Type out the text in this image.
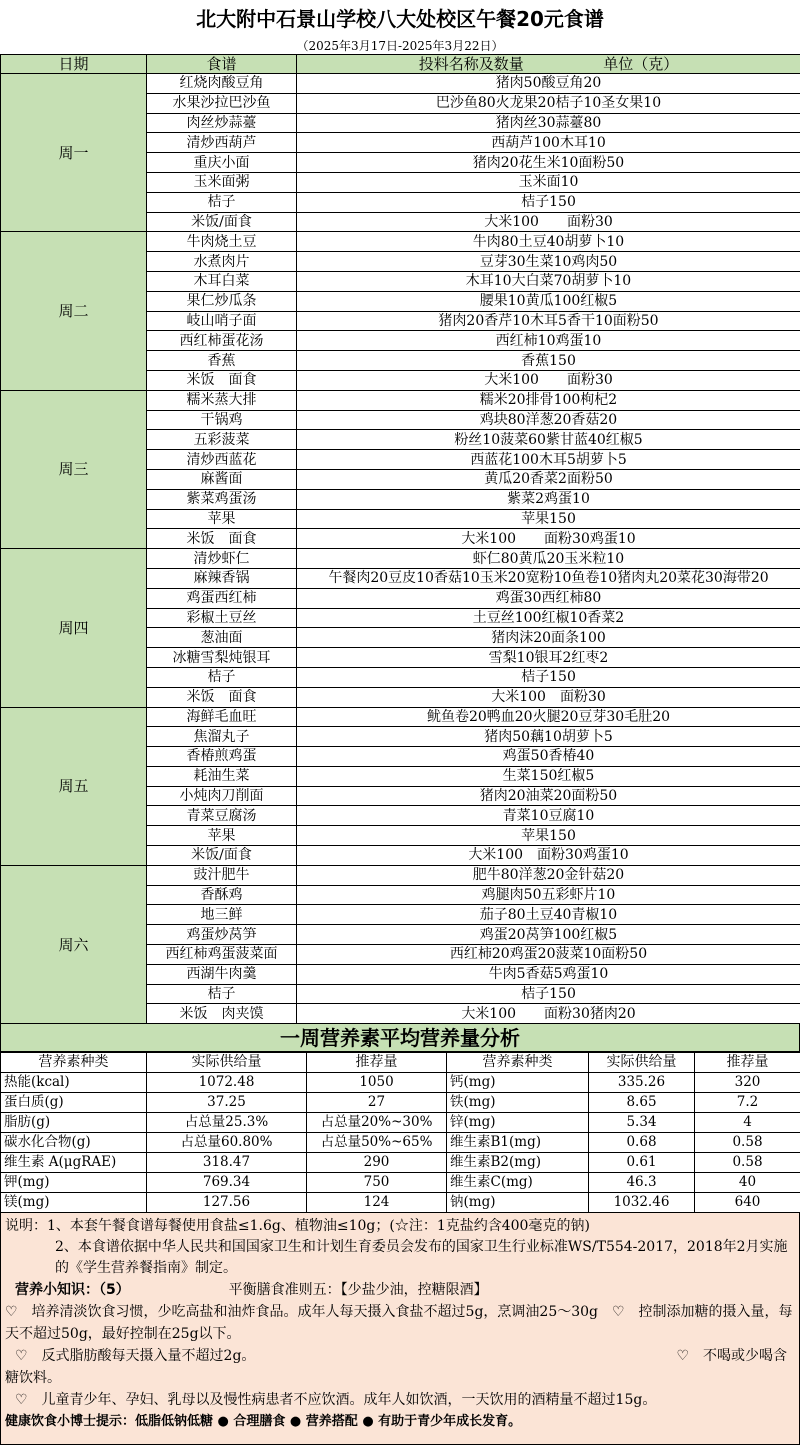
北大附中石景山学校八大处校区午餐20元食谱
（2025年3月17日-2025年3月22日）
日期	食谱	投料名称及数量 单位（克）
周一	红烧肉酸豆角	猪肉50酸豆角20
	水果沙拉巴沙鱼	巴沙鱼80火龙果20桔子10圣女果10
	肉丝炒蒜薹	猪肉丝30蒜薹80
	清炒西葫芦	西葫芦100木耳10
	重庆小面	猪肉20花生米10面粉50
	玉米面粥	玉米面10
	桔子	桔子150
	米饭/面食	大米100　　面粉30
周二	牛肉烧土豆	牛肉80土豆40胡萝卜10
	水煮肉片	豆芽30生菜10鸡肉50
	木耳白菜	木耳10大白菜70胡萝卜10
	果仁炒瓜条	腰果10黄瓜100红椒5
	岐山哨子面	猪肉20香芹10木耳5香干10面粉50
	西红柿蛋花汤	西红柿10鸡蛋10
	香蕉	香蕉150
	米饭　面食	大米100　　面粉30
周三	糯米蒸大排	糯米20排骨100枸杞2
	干锅鸡	鸡块80洋葱20香菇20
	五彩菠菜	粉丝10菠菜60紫甘蓝40红椒5
	清炒西蓝花	西蓝花100木耳5胡萝卜5
	麻酱面	黄瓜20香菜2面粉50
	紫菜鸡蛋汤	紫菜2鸡蛋10
	苹果	苹果150
	米饭　面食	大米100　　面粉30鸡蛋10
周四	清炒虾仁	虾仁80黄瓜20玉米粒10
	麻辣香锅	午餐肉20豆皮10香菇10玉米20宽粉10鱼卷10猪肉丸20菜花30海带20
	鸡蛋西红柿	鸡蛋30西红柿80
	彩椒土豆丝	土豆丝100红椒10香菜2
	葱油面	猪肉沫20面条100
	冰糖雪梨炖银耳	雪梨10银耳2红枣2
	桔子	桔子150
	米饭　面食	大米100　面粉30
周五	海鲜毛血旺	鱿鱼卷20鸭血20火腿20豆芽30毛肚20
	焦溜丸子	猪肉50藕10胡萝卜5
	香椿煎鸡蛋	鸡蛋50香椿40
	耗油生菜	生菜150红椒5
	小炖肉刀削面	猪肉20油菜20面粉50
	青菜豆腐汤	青菜10豆腐10
	苹果	苹果150
	米饭/面食	大米100　面粉30鸡蛋10
周六	豉汁肥牛	肥牛80洋葱20金针菇20
	香酥鸡	鸡腿肉50五彩虾片10
	地三鲜	茄子80土豆40青椒10
	鸡蛋炒莴笋	鸡蛋20莴笋100红椒5
	西红柿鸡蛋菠菜面	西红柿20鸡蛋20菠菜10面粉50
	西湖牛肉羹	牛肉5香菇5鸡蛋10
	桔子	桔子150
	米饭　肉夹馍	大米100　　面粉30猪肉20
一周营养素平均营养量分析
营养素种类	实际供给量	推荐量	营养素种类	实际供给量	推荐量
热能(kcal)	1072.48	1050	钙(mg)	335.26	320
蛋白质(g)	37.25	27	铁(mg)	8.65	7.2
脂肪(g)	占总量25.3%	占总量20%~30%	锌(mg)	5.34	4
碳水化合物(g)	占总量60.80%	占总量50%~65%	维生素B1(mg)	0.68	0.58
维生素 A(μgRAE)	318.47	290	维生素B2(mg)	0.61	0.58
钾(mg)	769.34	750	维生素C(mg)	46.3	40
镁(mg)	127.56	124	钠(mg)	1032.46	640

说明：1、本套午餐食谱每餐使用食盐≤1.6g、植物油≤10g；(☆注：1克盐约含400毫克的钠)

2、本食谱依据中华人民共和国国家卫生和计划生育委员会发布的国家卫生行业标准WS/T554-2017，2018年2月实施的《学生营养餐指南》制定。

营养小知识：（5）	平衡膳食准则五：【少盐少油，控糖限酒】

♡　培养清淡饮食习惯，少吃高盐和油炸食品。成年人每天摄入食盐不超过5g，烹调油25～30g　♡　控制添加糖的摄入量，每天不超过50g，最好控制在25g以下。

♡　反式脂肪酸每天摄入量不超过2g。	♡　不喝或少喝含

糖饮料。

♡　儿童青少年、孕妇、乳母以及慢性病患者不应饮酒。成年人如饮酒，一天饮用的酒精量不超过15g。

健康饮食小博士提示：低脂低钠低糖 ● 合理膳食 ● 营养搭配 ● 有助于青少年成长发育。
